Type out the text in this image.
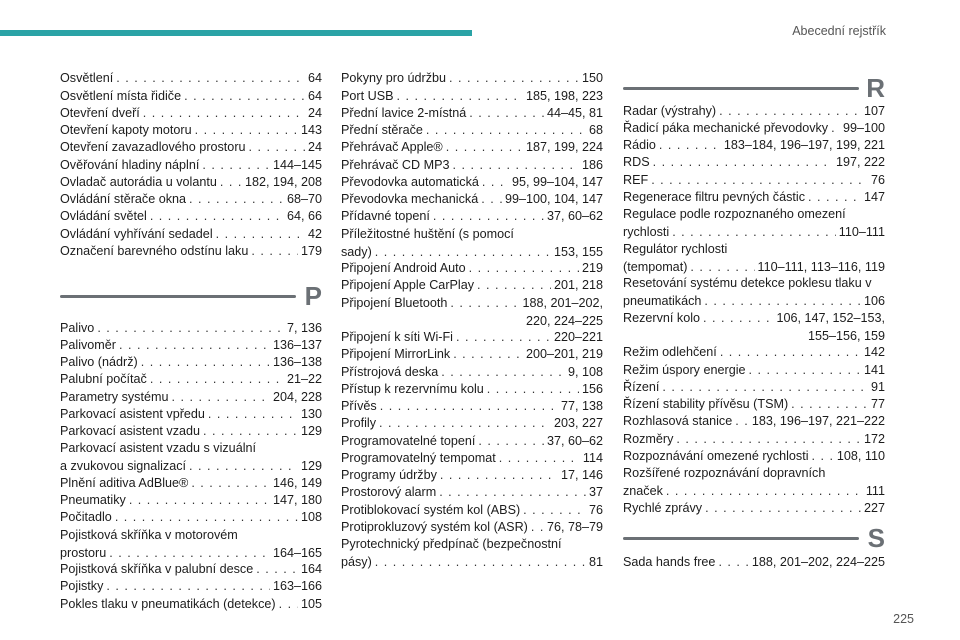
Abecední rejstřík
Osvětlení . . .	64
Osvětlení místa řidiče . . .	64
Otevření dveří . . .	24
Otevření kapoty motoru . . .	143
Otevření zavazadlového prostoru . . .	24
Ověřování hladiny náplní . . .	144–145
Ovladač autorádia u volantu . . . 182, 194, 208
Ovládání stěrače okna . . .	68–70
Ovládání světel . . .	64, 66
Ovládání vyhřívání sedadel . . .	42
Označení barevného odstínu laku . . .	179
P
Palivo . . .	7, 136
Palivoměr . . .	136–137
Palivo (nádrž) . . .	136–138
Palubní počítač . . .	21–22
Parametry systému . . .	204, 228
Parkovací asistent vpředu . . .	130
Parkovací asistent vzadu . . .	129
Parkovací asistent vzadu s vizuální
a zvukovou signalizací . . .	129
Plnění aditiva AdBlue® . . .	146, 149
Pneumatiky . . .	147, 180
Počitadlo . . .	108
Pojistková skříňka v motorovém
prostoru . . .	164–165
Pojistková skříňka v palubní desce . . .	164
Pojistky . . .	163–166
Pokles tlaku v pneumatikách (detekce) . . . 105
Pokyny pro údržbu . . .	150
Port USB . . .	185, 198, 223
Přední lavice 2-místná . . .	44–45, 81
Přední stěrače . . .	68
Přehrávač Apple® . . .	187, 199, 224
Přehrávač CD MP3 . . .	186
Převodovka automatická . . .	95, 99–104, 147
Převodovka mechanická . . . 99–100, 104, 147
Přídavné topení . . .	37, 60–62
Příležitostné huštění (s pomocí
sady) . . .	153, 155
Připojení Android Auto . . .	219
Připojení Apple CarPlay . . .	201, 218
Připojení Bluetooth . . .	188, 201–202,
220, 224–225
Připojení k síti Wi-Fi . . .	220–221
Připojení MirrorLink . . .	200–201, 219
Přístrojová deska . . .	9, 108
Přístup k rezervnímu kolu . . .	156
Přívěs . . .	77, 138
Profily . . .	203, 227
Programovatelné topení . . .	37, 60–62
Programovatelný tempomat . . .	114
Programy údržby . . .	17, 146
Prostorový alarm . . .	37
Protiblokovací systém kol (ABS) . . .	76
Protiprokluzový systém kol (ASR) . . . 76, 78–79
Pyrotechnický předpínač (bezpečnostní
pásy) . . .	81
R
Radar (výstrahy) . . .	107
Řadicí páka mechanické převodovky . . . 99–100
Rádio . . .	183–184, 196–197, 199, 221
RDS . . .	197, 222
REF . . .	76
Regenerace filtru pevných částic . . .	147
Regulace podle rozpoznaného omezení
rychlosti . . .	110–111
Regulátor rychlosti
(tempomat) . . .	110–111, 113–116, 119
Resetování systému detekce poklesu tlaku v
pneumatikách . . .	106
Rezervní kolo . . .	106, 147, 152–153,
155–156, 159
Režim odlehčení . . .	142
Režim úspory energie . . .	141
Řízení . . .	91
Řízení stability přívěsu (TSM) . . .	77
Rozhlasová stanice . . . 183, 196–197, 221–222
Rozměry . . .	172
Rozpoznávání omezené rychlosti . . . 108, 110
Rozšířené rozpoznávání dopravních
značek . . .	111
Rychlé zprávy . . .	227
S
Sada hands free . . .	188, 201–202, 224–225
225
